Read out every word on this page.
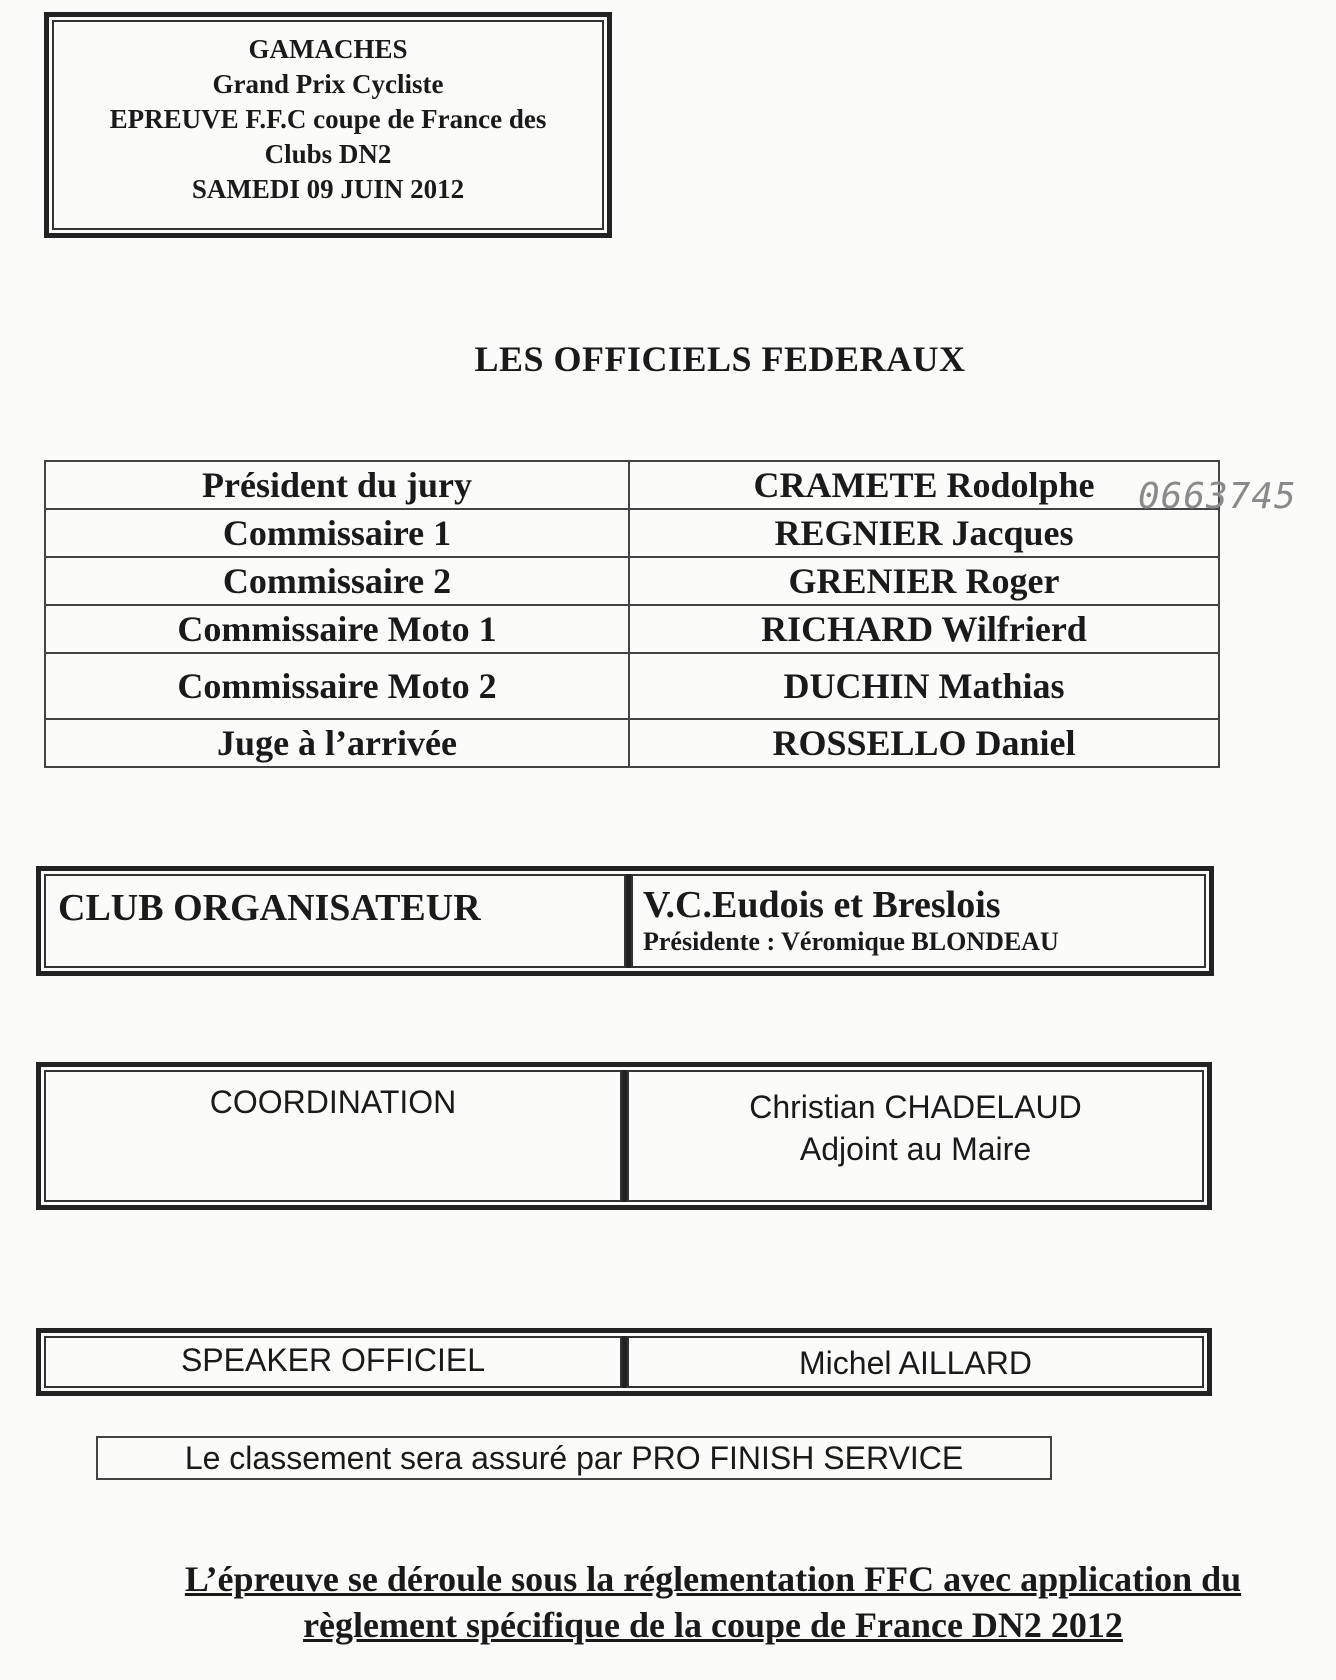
GAMACHES
Grand Prix Cycliste
EPREUVE F.F.C coupe de France des
Clubs DN2
SAMEDI 09 JUIN 2012
LES OFFICIELS FEDERAUX
Président du jury	CRAMETE Rodolphe
Commissaire 1	REGNIER Jacques
Commissaire 2	GRENIER Roger
Commissaire Moto 1	RICHARD Wilfrierd
Commissaire Moto 2	DUCHIN Mathias
Juge à l’arrivée	ROSSELLO Daniel
0663745
CLUB ORGANISATEUR	V.C.Eudois et Breslois
Présidente : Véromique BLONDEAU
COORDINATION	Christian CHADELAUD
Adjoint au Maire
SPEAKER OFFICIEL	Michel AILLARD
Le classement sera assuré par PRO FINISH SERVICE
L’épreuve se déroule sous la réglementation FFC avec application du
règlement spécifique de la coupe de France DN2 2012
